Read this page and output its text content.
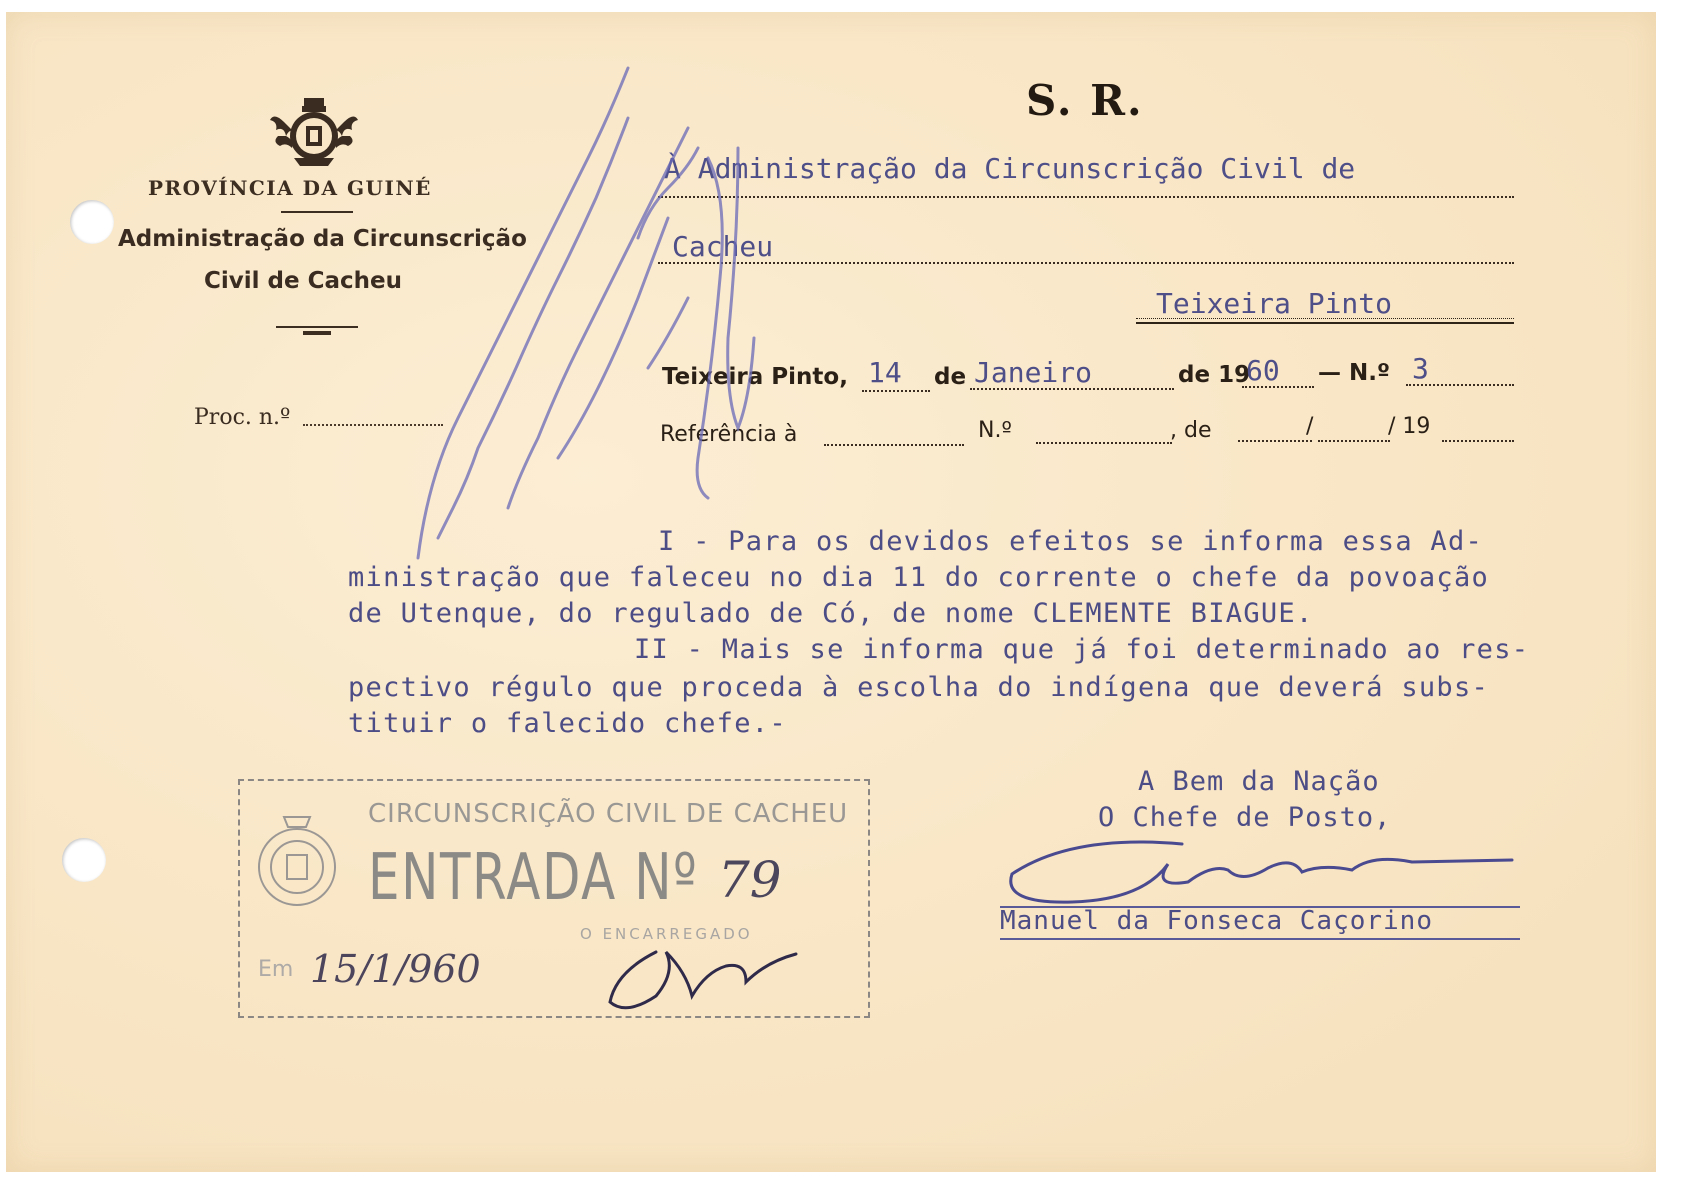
PROVÍNCIA DA GUINÉ
Administração da Circunscrição
Civil de Cacheu
Proc. n.º
S. R.
À Administração da Circunscrição Civil de
Cacheu
Teixeira Pinto
Teixeira Pinto, 14 de Janeiro	de 19
60 — N.º 3
Referência à	N.º	, de	/	/ 19
I - Para os devidos efeitos se informa essa Ad-
ministração que faleceu no dia 11 do corrente o chefe da povoação
de Utenque, do regulado de Có, de nome CLEMENTE BIAGUE.
II - Mais se informa que já foi determinado ao res-
pectivo régulo que proceda à escolha do indígena que deverá subs-
tituir o falecido chefe.-
CIRCUNSCRIÇÃO CIVIL DE CACHEU
ENTRADA Nº 79
O ENCARREGADO
Em 15/1/960
A Bem da Nação
O Chefe de Posto,
Manuel da Fonseca Caçorino
